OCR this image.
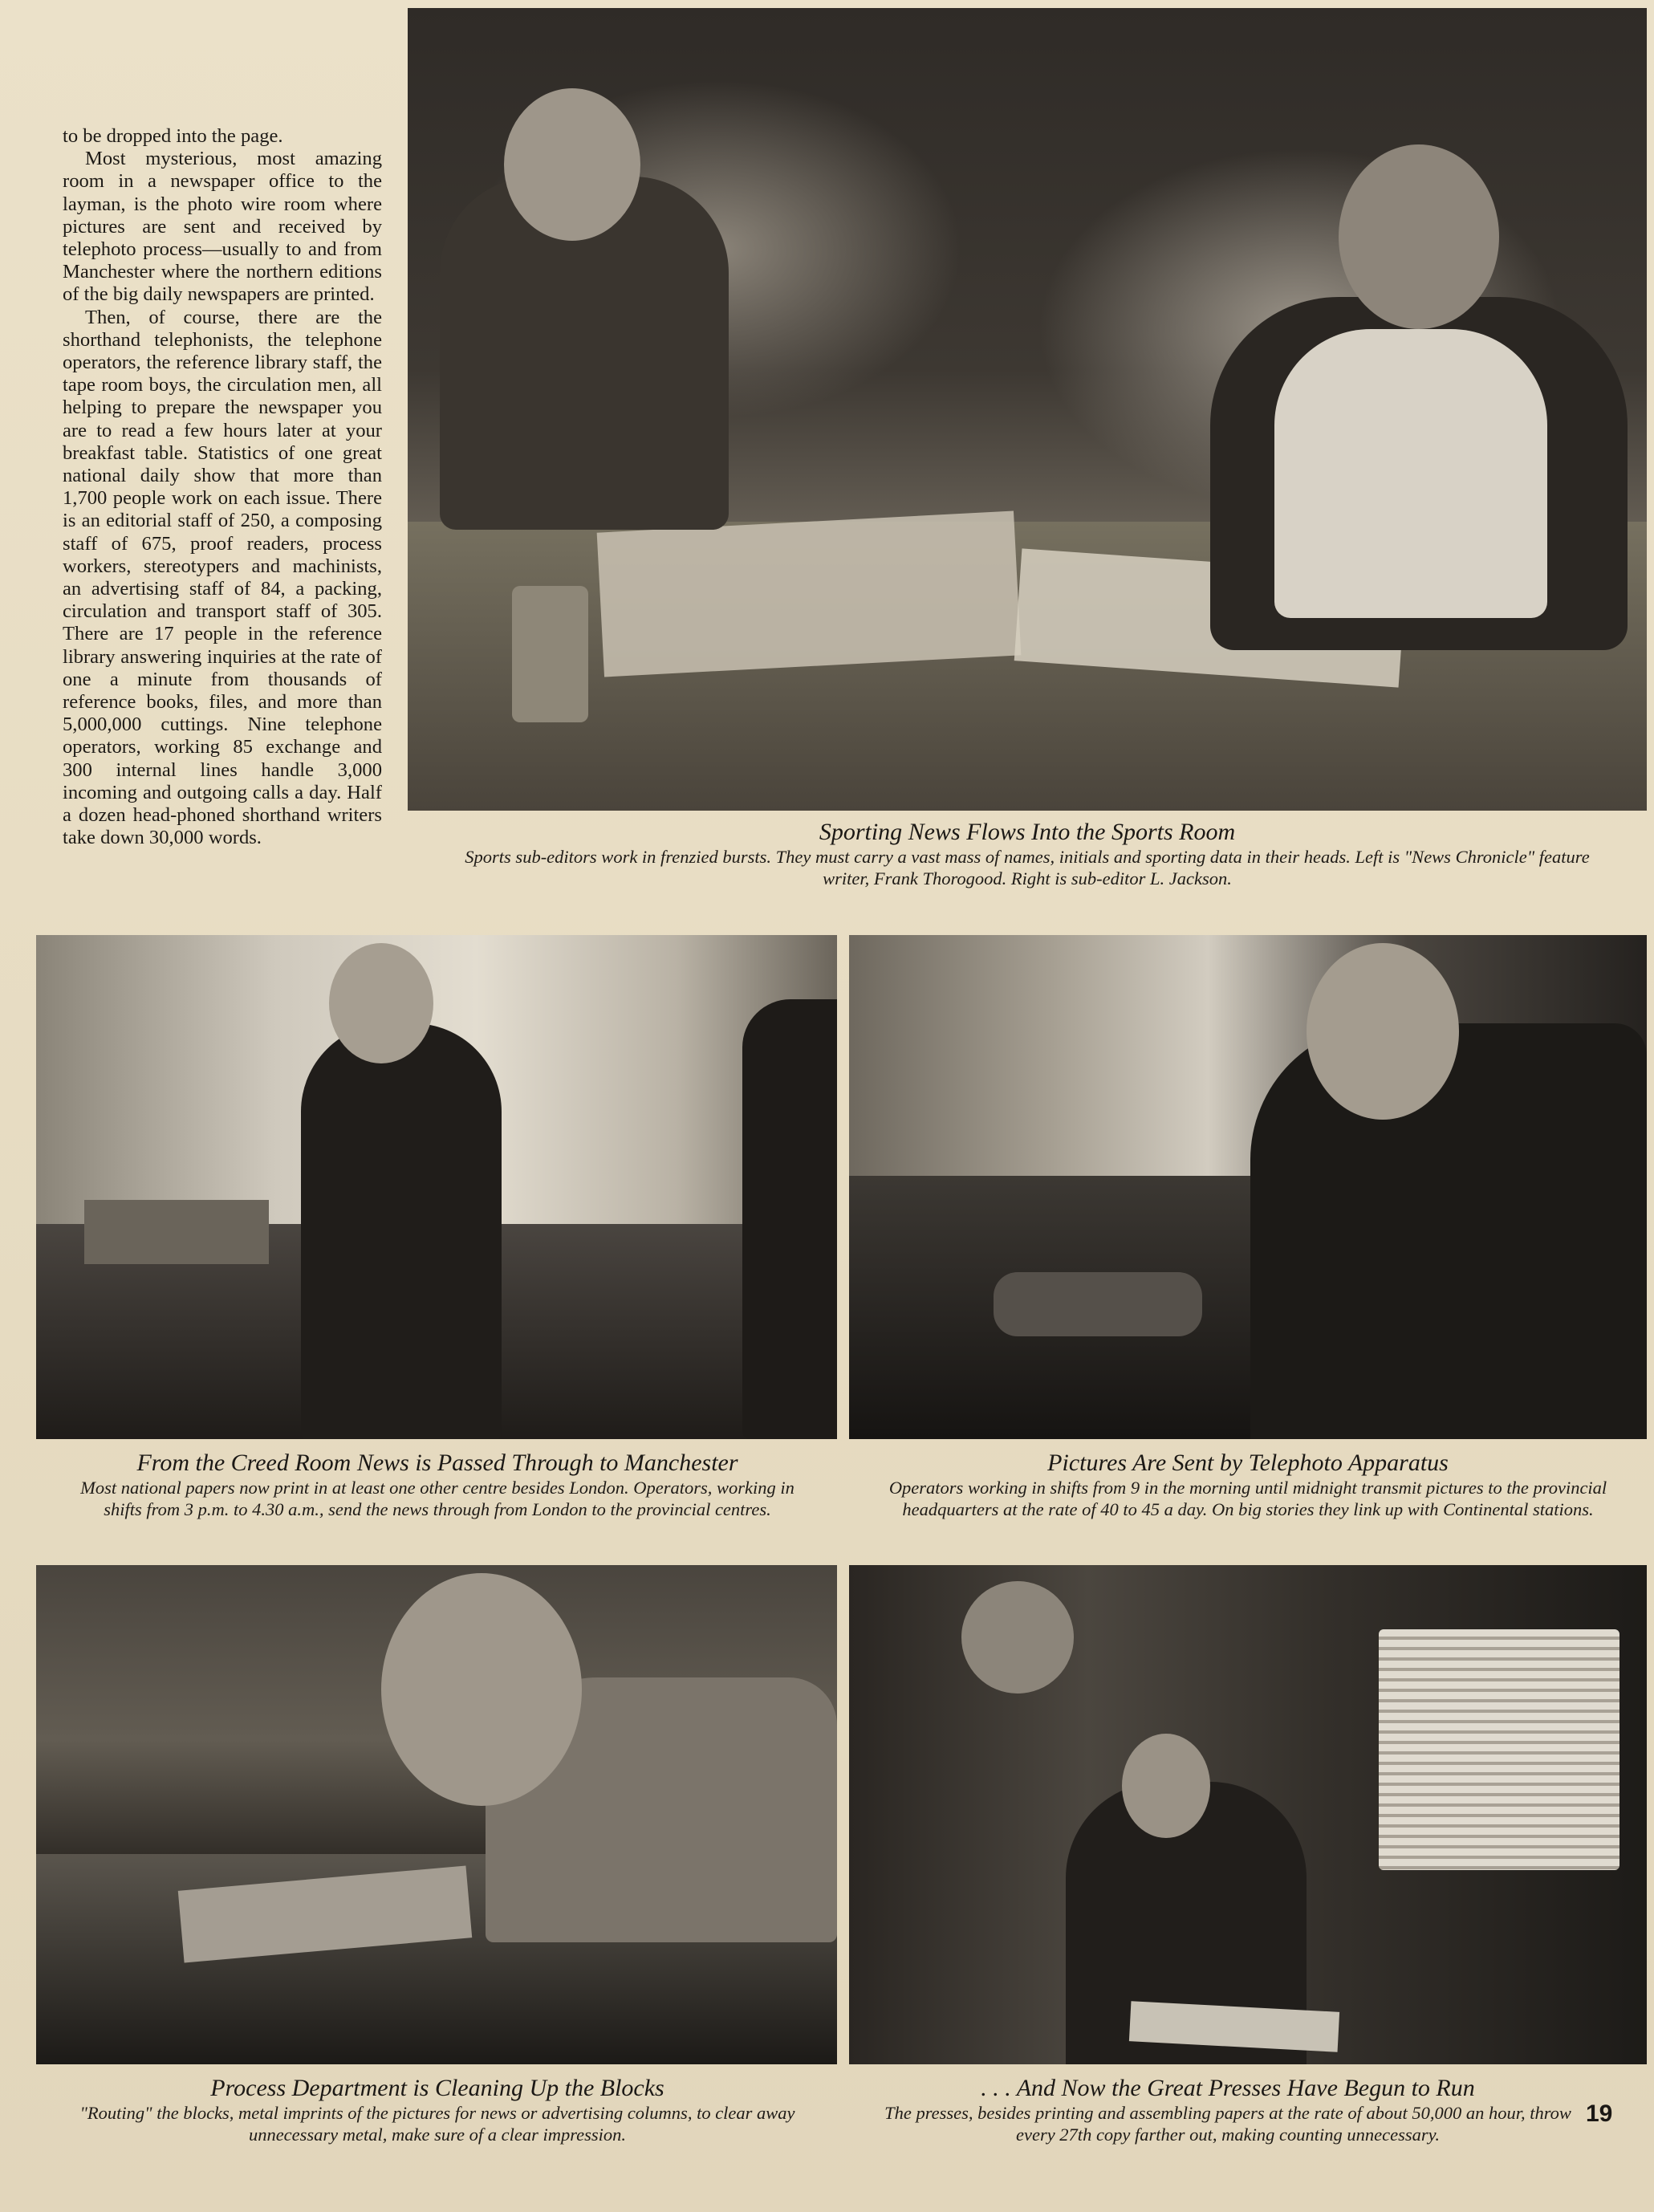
to be dropped into the page.

Most mysterious, most amazing room in a newspaper office to the layman, is the photo wire room where pictures are sent and received by telephoto process—usually to and from Manchester where the northern editions of the big daily newspapers are printed.

Then, of course, there are the shorthand telephonists, the telephone operators, the reference library staff, the tape room boys, the circulation men, all helping to prepare the newspaper you are to read a few hours later at your breakfast table. Statistics of one great national daily show that more than 1,700 people work on each issue. There is an editorial staff of 250, a composing staff of 675, proof readers, process workers, stereotypers and machinists, an advertising staff of 84, a packing, circulation and transport staff of 305. There are 17 people in the reference library answering inquiries at the rate of one a minute from thousands of reference books, files, and more than 5,000,000 cuttings. Nine telephone operators, working 85 exchange and 300 internal lines handle 3,000 incoming and outgoing calls a day. Half a dozen head-phoned shorthand writers take down 30,000 words.	Sporting News Flows Into the Sports Room
Sports sub-editors work in frenzied bursts. They must carry a vast mass of names, initials and sporting data in their heads. Left is "News Chronicle" feature writer, Frank Thorogood. Right is sub-editor L. Jackson.
From the Creed Room News is Passed Through to Manchester
Most national papers now print in at least one other centre besides London. Operators, working in shifts from 3 p.m. to 4.30 a.m., send the news through from London to the provincial centres.
Pictures Are Sent by Telephoto Apparatus
Operators working in shifts from 9 in the morning until midnight transmit pictures to the provincial headquarters at the rate of 40 to 45 a day. On big stories they link up with Continental stations.
Process Department is Cleaning Up the Blocks
"Routing" the blocks, metal imprints of the pictures for news or advertising columns, to clear away unnecessary metal, make sure of a clear impression.
. . . And Now the Great Presses Have Begun to Run
The presses, besides printing and assembling papers at the rate of about 50,000 an hour, throw every 27th copy farther out, making counting unnecessary.
19
